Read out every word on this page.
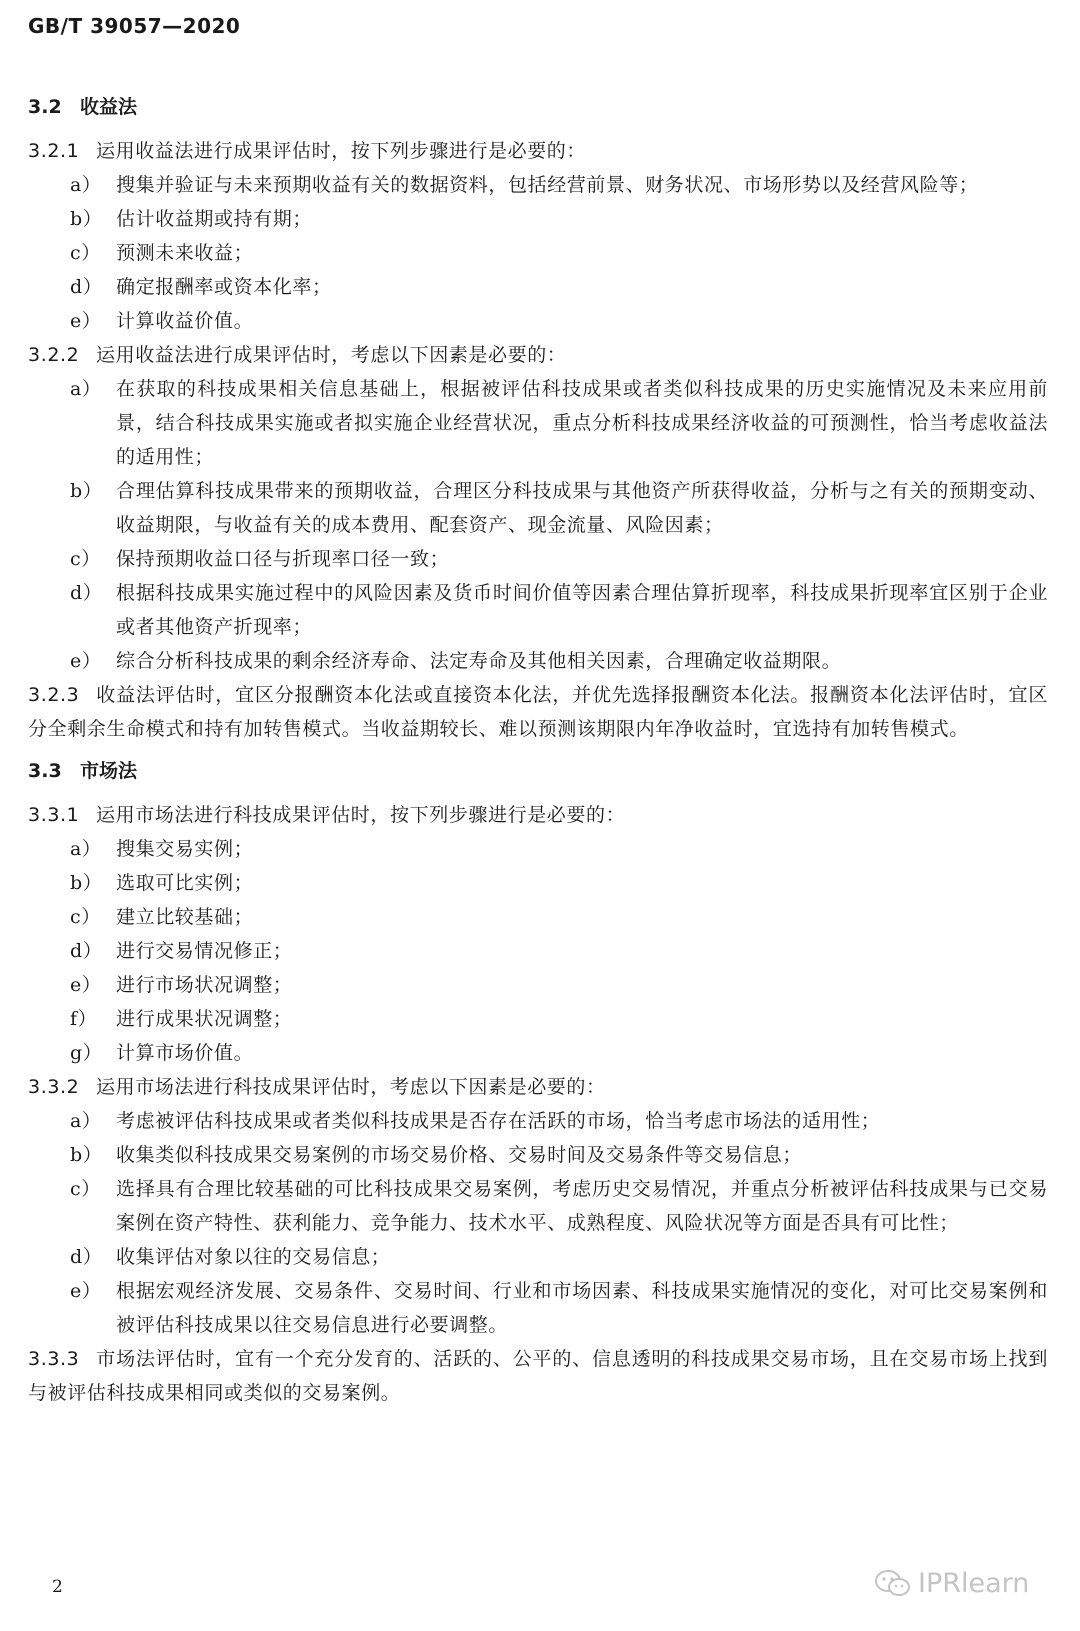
GB/T 39057—2020
3.2 收益法
3.2.1 运用收益法进行成果评估时，按下列步骤进行是必要的：
a） 搜集并验证与未来预期收益有关的数据资料，包括经营前景、财务状况、市场形势以及经营风险等；
b） 估计收益期或持有期；
c） 预测未来收益；
d） 确定报酬率或资本化率；
e） 计算收益价值。
3.2.2 运用收益法进行成果评估时，考虑以下因素是必要的：
a） 在获取的科技成果相关信息基础上，根据被评估科技成果或者类似科技成果的历史实施情况及未来应用前景，结合科技成果实施或者拟实施企业经营状况，重点分析科技成果经济收益的可预测性，恰当考虑收益法的适用性；
b） 合理估算科技成果带来的预期收益，合理区分科技成果与其他资产所获得收益，分析与之有关的预期变动、收益期限，与收益有关的成本费用、配套资产、现金流量、风险因素；
c） 保持预期收益口径与折现率口径一致；
d） 根据科技成果实施过程中的风险因素及货币时间价值等因素合理估算折现率，科技成果折现率宜区别于企业或者其他资产折现率；
e） 综合分析科技成果的剩余经济寿命、法定寿命及其他相关因素，合理确定收益期限。
3.2.3 收益法评估时，宜区分报酬资本化法或直接资本化法，并优先选择报酬资本化法。报酬资本化法评估时，宜区分全剩余生命模式和持有加转售模式。当收益期较长、难以预测该期限内年净收益时，宜选持有加转售模式。
3.3 市场法
3.3.1 运用市场法进行科技成果评估时，按下列步骤进行是必要的：
a） 搜集交易实例；
b） 选取可比实例；
c） 建立比较基础；
d） 进行交易情况修正；
e） 进行市场状况调整；
f） 进行成果状况调整；
g） 计算市场价值。
3.3.2 运用市场法进行科技成果评估时，考虑以下因素是必要的：
a） 考虑被评估科技成果或者类似科技成果是否存在活跃的市场，恰当考虑市场法的适用性；
b） 收集类似科技成果交易案例的市场交易价格、交易时间及交易条件等交易信息；
c） 选择具有合理比较基础的可比科技成果交易案例，考虑历史交易情况，并重点分析被评估科技成果与已交易案例在资产特性、获利能力、竞争能力、技术水平、成熟程度、风险状况等方面是否具有可比性；
d） 收集评估对象以往的交易信息；
e） 根据宏观经济发展、交易条件、交易时间、行业和市场因素、科技成果实施情况的变化，对可比交易案例和被评估科技成果以往交易信息进行必要调整。
3.3.3 市场法评估时，宜有一个充分发育的、活跃的、公平的、信息透明的科技成果交易市场，且在交易市场上找到与被评估科技成果相同或类似的交易案例。
2	IPRlearn
